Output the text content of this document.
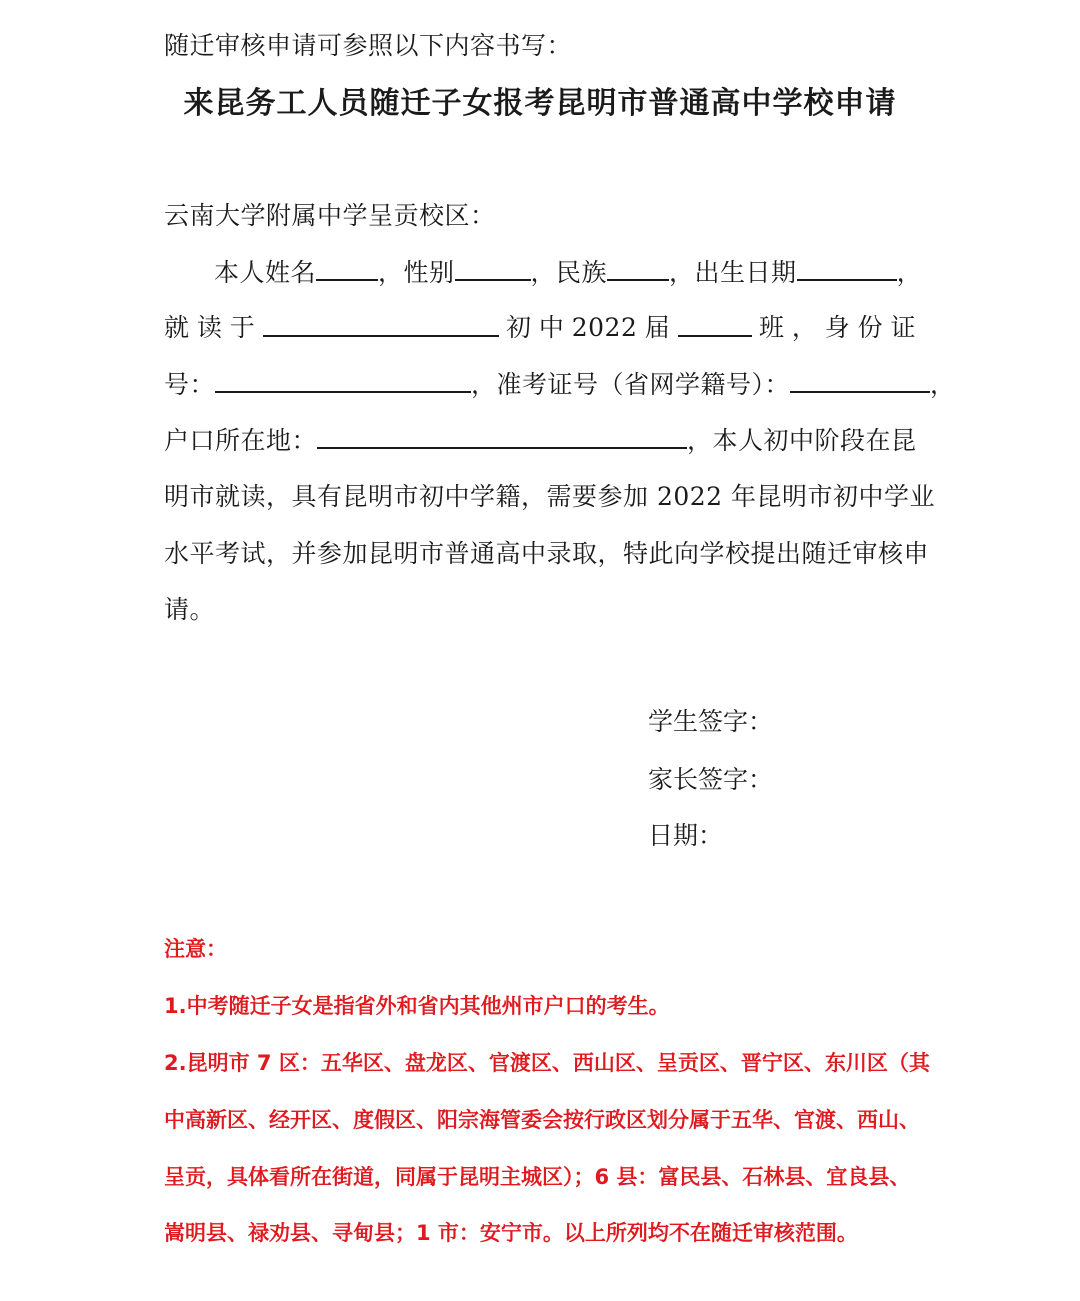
随迁审核申请可参照以下内容书写：
来昆务工人员随迁子女报考昆明市普通高中学校申请
云南大学附属中学呈贡校区：
本人姓名 ，性别	，民族 ，出生日期	，
就 读 于	初 中 2022 届	班 ， 身 份 证
号：	，准考证号（省网学籍号）：	，
户口所在地：	，本人初中阶段在昆
明市就读，具有昆明市初中学籍，需要参加 2022 年昆明市初中学业
水平考试，并参加昆明市普通高中录取，特此向学校提出随迁审核申
请。
学生签字：
家长签字：
日期：
注意：
1.中考随迁子女是指省外和省内其他州市户口的考生。
2.昆明市 7 区：五华区、盘龙区、官渡区、西山区、呈贡区、晋宁区、东川区（其
中高新区、经开区、度假区、阳宗海管委会按行政区划分属于五华、官渡、西山、
呈贡，具体看所在街道，同属于昆明主城区）；6 县：富民县、石林县、宜良县、
嵩明县、禄劝县、寻甸县；1 市：安宁市。以上所列均不在随迁审核范围。
